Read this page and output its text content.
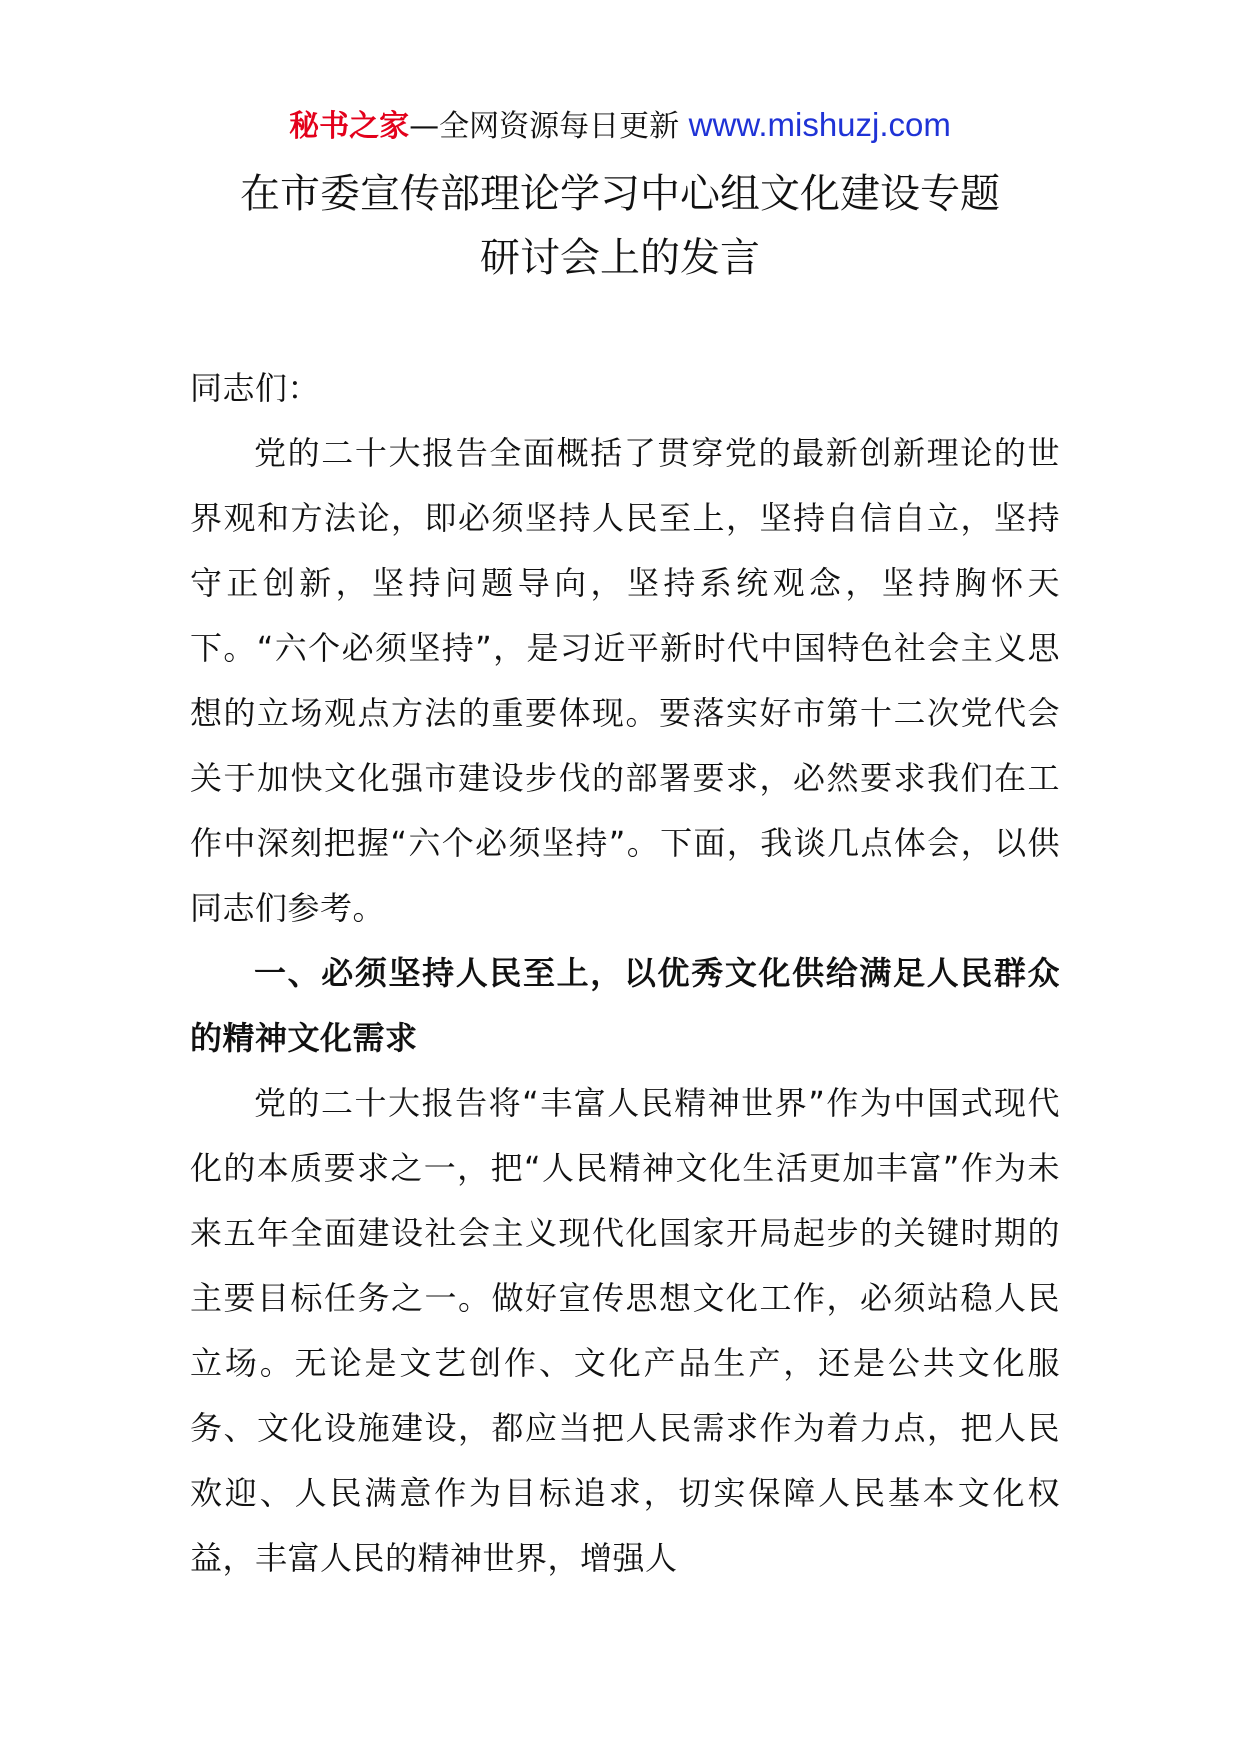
秘书之家—全网资源每日更新 www.mishuzj.com
在市委宣传部理论学习中心组文化建设专题
研讨会上的发言

同志们：

党的二十大报告全面概括了贯穿党的最新创新理论的世界观和方法论，即必须坚持人民至上，坚持自信自立，坚持守正创新，坚持问题导向，坚持系统观念，坚持胸怀天下。“六个必须坚持”，是习近平新时代中国特色社会主义思想的立场观点方法的重要体现。要落实好市第十二次党代会关于加快文化强市建设步伐的部署要求，必然要求我们在工作中深刻把握“六个必须坚持”。下面，我谈几点体会，以供同志们参考。

一、必须坚持人民至上，以优秀文化供给满足人民群众的精神文化需求

党的二十大报告将“丰富人民精神世界”作为中国式现代化的本质要求之一，把“人民精神文化生活更加丰富”作为未来五年全面建设社会主义现代化国家开局起步的关键时期的主要目标任务之一。做好宣传思想文化工作，必须站稳人民立场。无论是文艺创作、文化产品生产，还是公共文化服务、文化设施建设，都应当把人民需求作为着力点，把人民欢迎、人民满意作为目标追求，切实保障人民基本文化权益，丰富人民的精神世界，增强人
